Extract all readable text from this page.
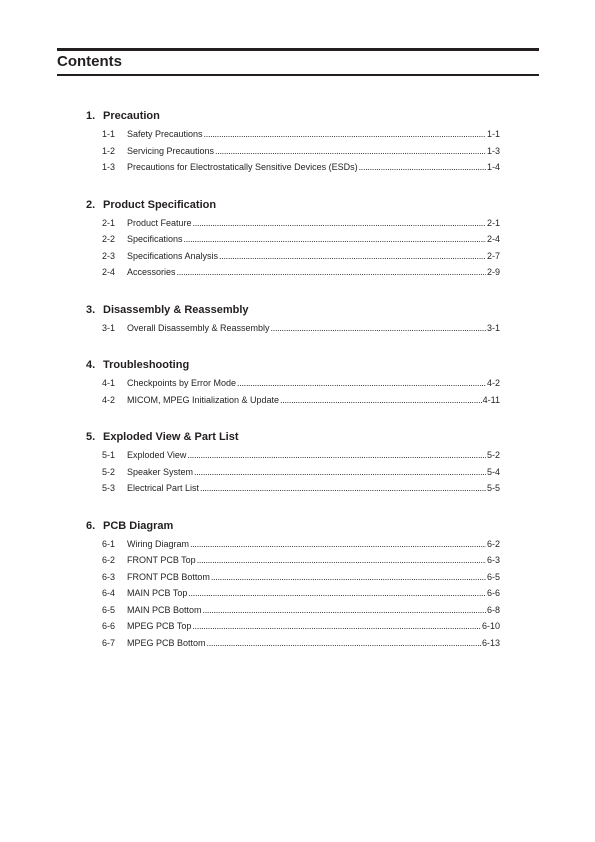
Contents
1. Precaution
1-1	Safety Precautions .....	1-1
1-2	Servicing Precautions .....	1-3
1-3	Precautions for Electrostatically Sensitive Devices (ESDs) .....	1-4
2. Product Specification
2-1	Product Feature .....	2-1
2-2	Specifications .....	2-4
2-3	Specifications Analysis .....	2-7
2-4	Accessories .....	2-9
3. Disassembly & Reassembly
3-1	Overall Disassembly & Reassembly .....	3-1
4. Troubleshooting
4-1	Checkpoints by Error Mode .....	4-2
4-2	MICOM, MPEG Initialization & Update .....	4-11
5. Exploded View & Part List
5-1	Exploded View .....	5-2
5-2	Speaker System .....	5-4
5-3	Electrical Part List .....	5-5
6. PCB Diagram
6-1	Wiring Diagram .....	6-2
6-2	FRONT PCB Top .....	6-3
6-3	FRONT PCB Bottom .....	6-5
6-4	MAIN PCB Top .....	6-6
6-5	MAIN PCB Bottom .....	6-8
6-6	MPEG PCB Top .....	6-10
6-7	MPEG PCB Bottom .....	6-13
